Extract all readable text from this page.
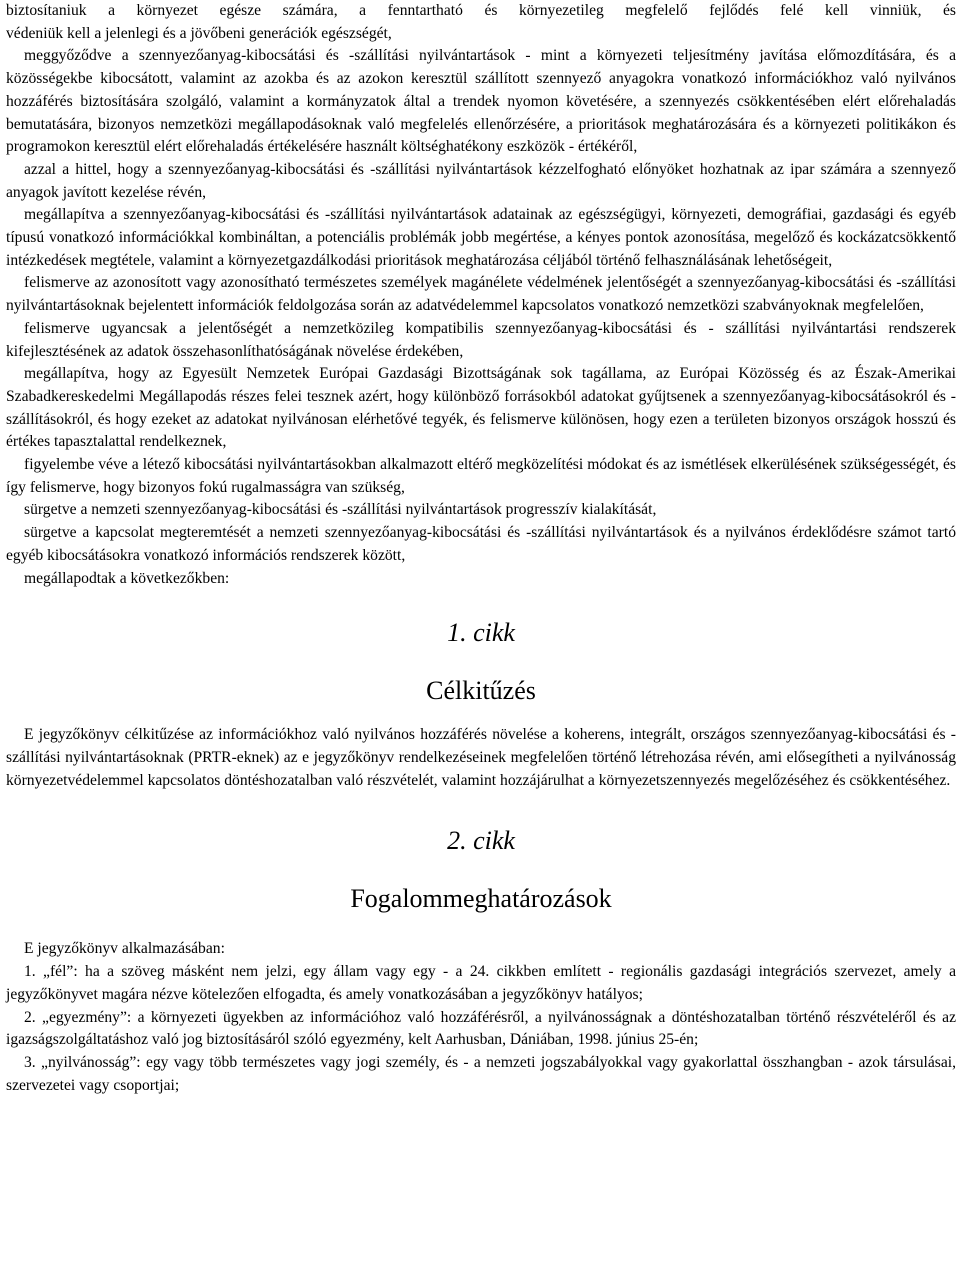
biztosítaniuk a környezet egésze számára, a fenntartható és környezetileg megfelelő fejlődés felé kell vinniük, és

védeniük kell a jelenlegi és a jövőbeni generációk egészségét,

meggyőződve a szennyezőanyag-kibocsátási és -szállítási nyilvántartások - mint a környezeti teljesítmény javítása előmozdítására, és a közösségekbe kibocsátott, valamint az azokba és az azokon keresztül szállított szennyező anyagokra vonatkozó információkhoz való nyilvános hozzáférés biztosítására szolgáló, valamint a kormányzatok által a trendek nyomon követésére, a szennyezés csökkentésében elért előrehaladás bemutatására, bizonyos nemzetközi megállapodásoknak való megfelelés ellenőrzésére, a prioritások meghatározására és a környezeti politikákon és programokon keresztül elért előrehaladás értékelésére használt költséghatékony eszközök - értékéről,

azzal a hittel, hogy a szennyezőanyag-kibocsátási és -szállítási nyilvántartások kézzelfogható előnyöket hozhatnak az ipar számára a szennyező anyagok javított kezelése révén,

megállapítva a szennyezőanyag-kibocsátási és -szállítási nyilvántartások adatainak az egészségügyi, környezeti, demográfiai, gazdasági és egyéb típusú vonatkozó információkkal kombináltan, a potenciális problémák jobb megértése, a kényes pontok azonosítása, megelőző és kockázatcsökkentő intézkedések megtétele, valamint a környezetgazdálkodási prioritások meghatározása céljából történő felhasználásának lehetőségeit,

felismerve az azonosított vagy azonosítható természetes személyek magánélete védelmének jelentőségét a szennyezőanyag-kibocsátási és -szállítási nyilvántartásoknak bejelentett információk feldolgozása során az adatvédelemmel kapcsolatos vonatkozó nemzetközi szabványoknak megfelelően,

felismerve ugyancsak a jelentőségét a nemzetközileg kompatibilis szennyezőanyag-kibocsátási és - szállítási nyilvántartási rendszerek kifejlesztésének az adatok összehasonlíthatóságának növelése érdekében,

megállapítva, hogy az Egyesült Nemzetek Európai Gazdasági Bizottságának sok tagállama, az Európai Közösség és az Észak-Amerikai Szabadkereskedelmi Megállapodás részes felei tesznek azért, hogy különböző forrásokból adatokat gyűjtsenek a szennyezőanyag-kibocsátásokról és -szállításokról, és hogy ezeket az adatokat nyilvánosan elérhetővé tegyék, és felismerve különösen, hogy ezen a területen bizonyos országok hosszú és értékes tapasztalattal rendelkeznek,

figyelembe véve a létező kibocsátási nyilvántartásokban alkalmazott eltérő megközelítési módokat és az ismétlések elkerülésének szükségességét, és így felismerve, hogy bizonyos fokú rugalmasságra van szükség,

sürgetve a nemzeti szennyezőanyag-kibocsátási és -szállítási nyilvántartások progresszív kialakítását,

sürgetve a kapcsolat megteremtését a nemzeti szennyezőanyag-kibocsátási és -szállítási nyilvántartások és a nyilvános érdeklődésre számot tartó egyéb kibocsátásokra vonatkozó információs rendszerek között,

megállapodtak a következőkben:

1. cikk

Célkitűzés

E jegyzőkönyv célkitűzése az információkhoz való nyilvános hozzáférés növelése a koherens, integrált, országos szennyezőanyag-kibocsátási és -szállítási nyilvántartásoknak (PRTR-eknek) az e jegyzőkönyv rendelkezéseinek megfelelően történő létrehozása révén, ami elősegítheti a nyilvánosság környezetvédelemmel kapcsolatos döntéshozatalban való részvételét, valamint hozzájárulhat a környezetszennyezés megelőzéséhez és csökkentéséhez.

2. cikk

Fogalommeghatározások

E jegyzőkönyv alkalmazásában:

1. „fél”: ha a szöveg másként nem jelzi, egy állam vagy egy - a 24. cikkben említett - regionális gazdasági integrációs szervezet, amely a jegyzőkönyvet magára nézve kötelezően elfogadta, és amely vonatkozásában a jegyzőkönyv hatályos;

2. „egyezmény”: a környezeti ügyekben az információhoz való hozzáférésről, a nyilvánosságnak a döntéshozatalban történő részvételéről és az igazságszolgáltatáshoz való jog biztosításáról szóló egyezmény, kelt Aarhusban, Dániában, 1998. június 25-én;

3. „nyilvánosság”: egy vagy több természetes vagy jogi személy, és - a nemzeti jogszabályokkal vagy gyakorlattal összhangban - azok társulásai, szervezetei vagy csoportjai;
